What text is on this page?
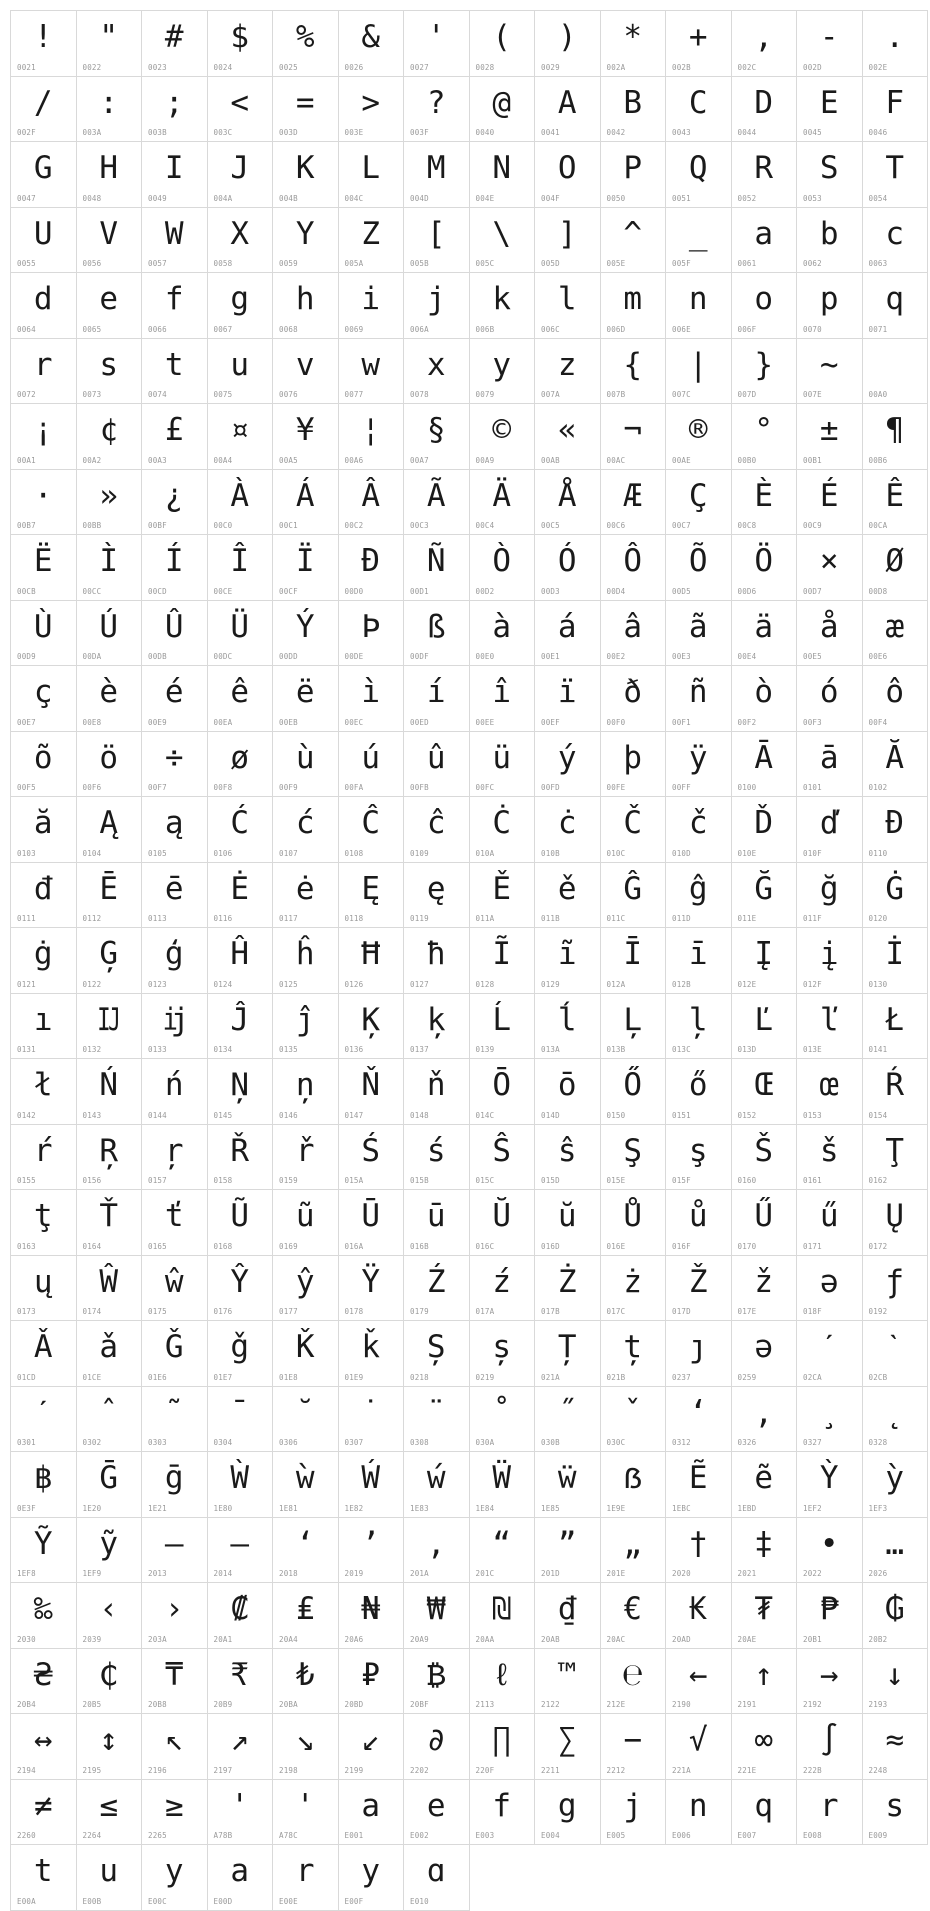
!
0021
"
0022
#
0023
$
0024
%
0025
&
0026
'
0027
(
0028
)
0029
*
002A
+
002B
,
002C
-
002D
.
002E
/
002F
:
003A
;
003B
<
003C
=
003D
>
003E
?
003F
@
0040
A
0041
B
0042
C
0043
D
0044
E
0045
F
0046
G
0047
H
0048
I
0049
J
004A
K
004B
L
004C
M
004D
N
004E
O
004F
P
0050
Q
0051
R
0052
S
0053
T
0054
U
0055
V
0056
W
0057
X
0058
Y
0059
Z
005A
[
005B
\
005C
]
005D
^
005E
_
005F
a
0061
b
0062
c
0063
d
0064
e
0065
f
0066
g
0067
h
0068
i
0069
j
006A
k
006B
l
006C
m
006D
n
006E
o
006F
p
0070
q
0071
r
0072
s
0073
t
0074
u
0075
v
0076
w
0077
x
0078
y
0079
z
007A
{
007B
|
007C
}
007D
~
007E
	00A0
¡
00A1
¢
00A2
£
00A3
¤
00A4
¥
00A5
¦
00A6
§
00A7
©
00A9
«
00AB
¬
00AC
®
00AE
°
00B0
±
00B1
¶
00B6
·
00B7
»
00BB
¿
00BF
À
00C0
Á
00C1
Â
00C2
Ã
00C3
Ä
00C4
Å
00C5
Æ
00C6
Ç
00C7
È
00C8
É
00C9
Ê
00CA
Ë
00CB
Ì
00CC
Í
00CD
Î
00CE
Ï
00CF
Ð
00D0
Ñ
00D1
Ò
00D2
Ó
00D3
Ô
00D4
Õ
00D5
Ö
00D6
×
00D7
Ø
00D8
Ù
00D9
Ú
00DA
Û
00DB
Ü
00DC
Ý
00DD
Þ
00DE
ß
00DF
à
00E0
á
00E1
â
00E2
ã
00E3
ä
00E4
å
00E5
æ
00E6
ç
00E7
è
00E8
é
00E9
ê
00EA
ë
00EB
ì
00EC
í
00ED
î
00EE
ï
00EF
ð
00F0
ñ
00F1
ò
00F2
ó
00F3
ô
00F4
õ
00F5
ö
00F6
÷
00F7
ø
00F8
ù
00F9
ú
00FA
û
00FB
ü
00FC
ý
00FD
þ
00FE
ÿ
00FF
Ā
0100
ā
0101
Ă
0102
ă
0103
Ą
0104
ą
0105
Ć
0106
ć
0107
Ĉ
0108
ĉ
0109
Ċ
010A
ċ
010B
Č
010C
č
010D
Ď
010E
ď
010F
Đ
0110
đ
0111
Ē
0112
ē
0113
Ė
0116
ė
0117
Ę
0118
ę
0119
Ě
011A
ě
011B
Ĝ
011C
ĝ
011D
Ğ
011E
ğ
011F
Ġ
0120
ġ
0121
Ģ
0122
ģ
0123
Ĥ
0124
ĥ
0125
Ħ
0126
ħ
0127
Ĩ
0128
ĩ
0129
Ī
012A
ī
012B
Į
012E
į
012F
İ
0130
ı
0131
Ĳ
0132
ĳ
0133
Ĵ
0134
ĵ
0135
Ķ
0136
ķ
0137
Ĺ
0139
ĺ
013A
Ļ
013B
ļ
013C
Ľ
013D
ľ
013E
Ł
0141
ł
0142
Ń
0143
ń
0144
Ņ
0145
ņ
0146
Ň
0147
ň
0148
Ō
014C
ō
014D
Ő
0150
ő
0151
Œ
0152
œ
0153
Ŕ
0154
ŕ
0155
Ŗ
0156
ŗ
0157
Ř
0158
ř
0159
Ś
015A
ś
015B
Ŝ
015C
ŝ
015D
Ş
015E
ş
015F
Š
0160
š
0161
Ţ
0162
ţ
0163
Ť
0164
ť
0165
Ũ
0168
ũ
0169
Ū
016A
ū
016B
Ŭ
016C
ŭ
016D
Ů
016E
ů
016F
Ű
0170
ű
0171
Ų
0172
ų
0173
Ŵ
0174
ŵ
0175
Ŷ
0176
ŷ
0177
Ÿ
0178
Ź
0179
ź
017A
Ż
017B
ż
017C
Ž
017D
ž
017E
ə
018F
ƒ
0192
Ǎ
01CD
ǎ
01CE
Ǧ
01E6
ǧ
01E7
Ǩ
01E8
ǩ
01E9
Ș
0218
ș
0219
Ț
021A
ț
021B
ȷ
0237
ə
0259
ˊ
02CA
ˋ
02CB
ˊ
0301
ˆ
0302
˜
0303
ˉ
0304
˘
0306
˙
0307
¨
0308
˚
030A
˝
030B
ˇ
030C
ʻ
0312
,
0326
¸
0327
˛
0328
฿
0E3F
Ḡ
1E20
ḡ
1E21
Ẁ
1E80
ẁ
1E81
Ẃ
1E82
ẃ
1E83
Ẅ
1E84
ẅ
1E85
ẞ
1E9E
Ẽ
1EBC
ẽ
1EBD
Ỳ
1EF2
ỳ
1EF3
Ỹ
1EF8
ỹ
1EF9
–
2013
—
2014
‘
2018
’
2019
‚
201A
“
201C
”
201D
„
201E
†
2020
‡
2021
•
2022
…
2026
‰
2030
‹
2039
›
203A
₡
20A1
₤
20A4
₦
20A6
₩
20A9
₪
20AA
₫
20AB
€
20AC
₭
20AD
₮
20AE
₱
20B1
₲
20B2
₴
20B4
₵
20B5
₸
20B8
₹
20B9
₺
20BA
₽
20BD
₿
20BF
ℓ
2113
™
2122
℮
212E
←
2190
↑
2191
→
2192
↓
2193
↔
2194
↕
2195
↖
2196
↗
2197
↘
2198
↙
2199
∂
2202
∏
220F
∑
2211
−
2212
√
221A
∞
221E
∫
222B
≈
2248
≠
2260
≤
2264
≥
2265
ꞌ
A78B
ꞌ
A78C
a
E001
e
E002
f
E003
g
E004
j
E005
n
E006
q
E007
r
E008
s
E009
t
E00A
u
E00B
y
E00C
a
E00D
r
E00E
y
E00F
ɑ
E010
